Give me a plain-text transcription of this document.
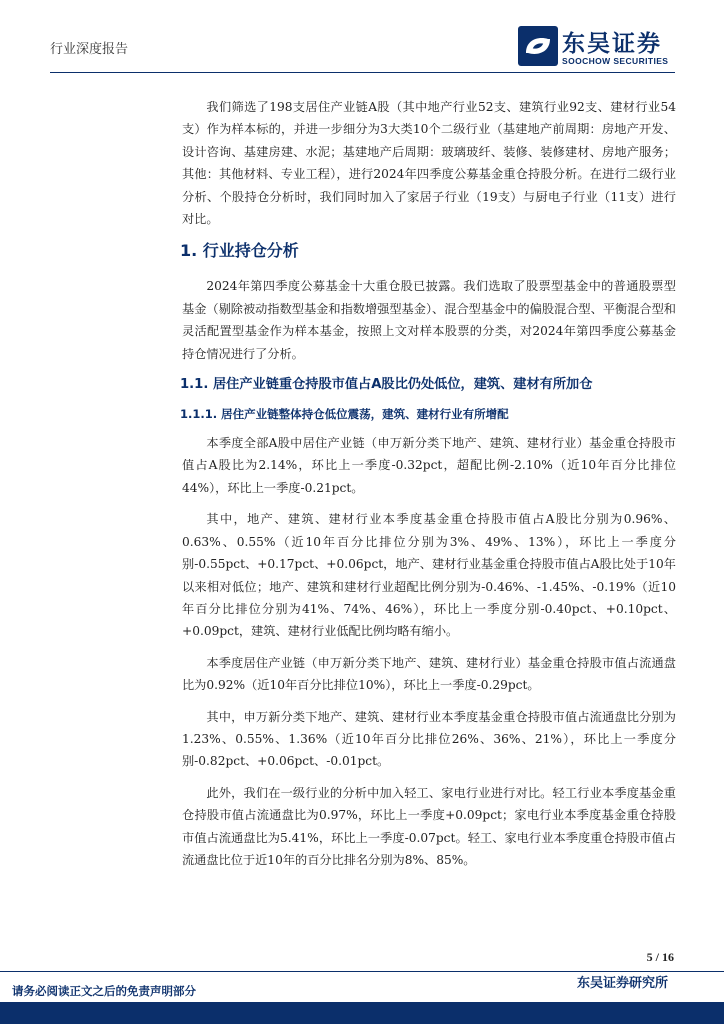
行业深度报告	东吴证券
SOOCHOW SECURITIES

我们筛选了198支居住产业链A股（其中地产行业52支、建筑行业92支、建材行业54支）作为样本标的，并进一步细分为3大类10个二级行业（基建地产前周期：房地产开发、设计咨询、基建房建、水泥；基建地产后周期：玻璃玻纤、装修、装修建材、房地产服务；其他：其他材料、专业工程），进行2024年四季度公募基金重仓持股分析。在进行二级行业分析、个股持仓分析时，我们同时加入了家居子行业（19支）与厨电子行业（11支）进行对比。

1. 行业持仓分析

2024年第四季度公募基金十大重仓股已披露。我们选取了股票型基金中的普通股票型基金（剔除被动指数型基金和指数增强型基金）、混合型基金中的偏股混合型、平衡混合型和灵活配置型基金作为样本基金，按照上文对样本股票的分类，对2024年第四季度公募基金持仓情况进行了分析。

1.1. 居住产业链重仓持股市值占A股比仍处低位，建筑、建材有所加仓
1.1.1. 居住产业链整体持仓低位震荡，建筑、建材行业有所增配

本季度全部A股中居住产业链（申万新分类下地产、建筑、建材行业）基金重仓持股市值占A股比为2.14%，环比上一季度-0.32pct，超配比例-2.10%（近10年百分比排位44%），环比上一季度-0.21pct。

其中，地产、建筑、建材行业本季度基金重仓持股市值占A股比分别为0.96%、0.63%、0.55%（近10年百分比排位分别为3%、49%、13%），环比上一季度分别-0.55pct、+0.17pct、+0.06pct，地产、建材行业基金重仓持股市值占A股比处于10年以来相对低位；地产、建筑和建材行业超配比例分别为-0.46%、-1.45%、-0.19%（近10年百分比排位分别为41%、74%、46%），环比上一季度分别-0.40pct、+0.10pct、+0.09pct，建筑、建材行业低配比例均略有缩小。

本季度居住产业链（申万新分类下地产、建筑、建材行业）基金重仓持股市值占流通盘比为0.92%（近10年百分比排位10%），环比上一季度-0.29pct。

其中，申万新分类下地产、建筑、建材行业本季度基金重仓持股市值占流通盘比分别为1.23%、0.55%、1.36%（近10年百分比排位26%、36%、21%），环比上一季度分别-0.82pct、+0.06pct、-0.01pct。

此外，我们在一级行业的分析中加入轻工、家电行业进行对比。轻工行业本季度基金重仓持股市值占流通盘比为0.97%，环比上一季度+0.09pct；家电行业本季度基金重仓持股市值占流通盘比为5.41%，环比上一季度-0.07pct。轻工、家电行业本季度重仓持股市值占流通盘比位于近10年的百分比排名分别为8%、85%。

5 / 16
东吴证券研究所
请务必阅读正文之后的免责声明部分
